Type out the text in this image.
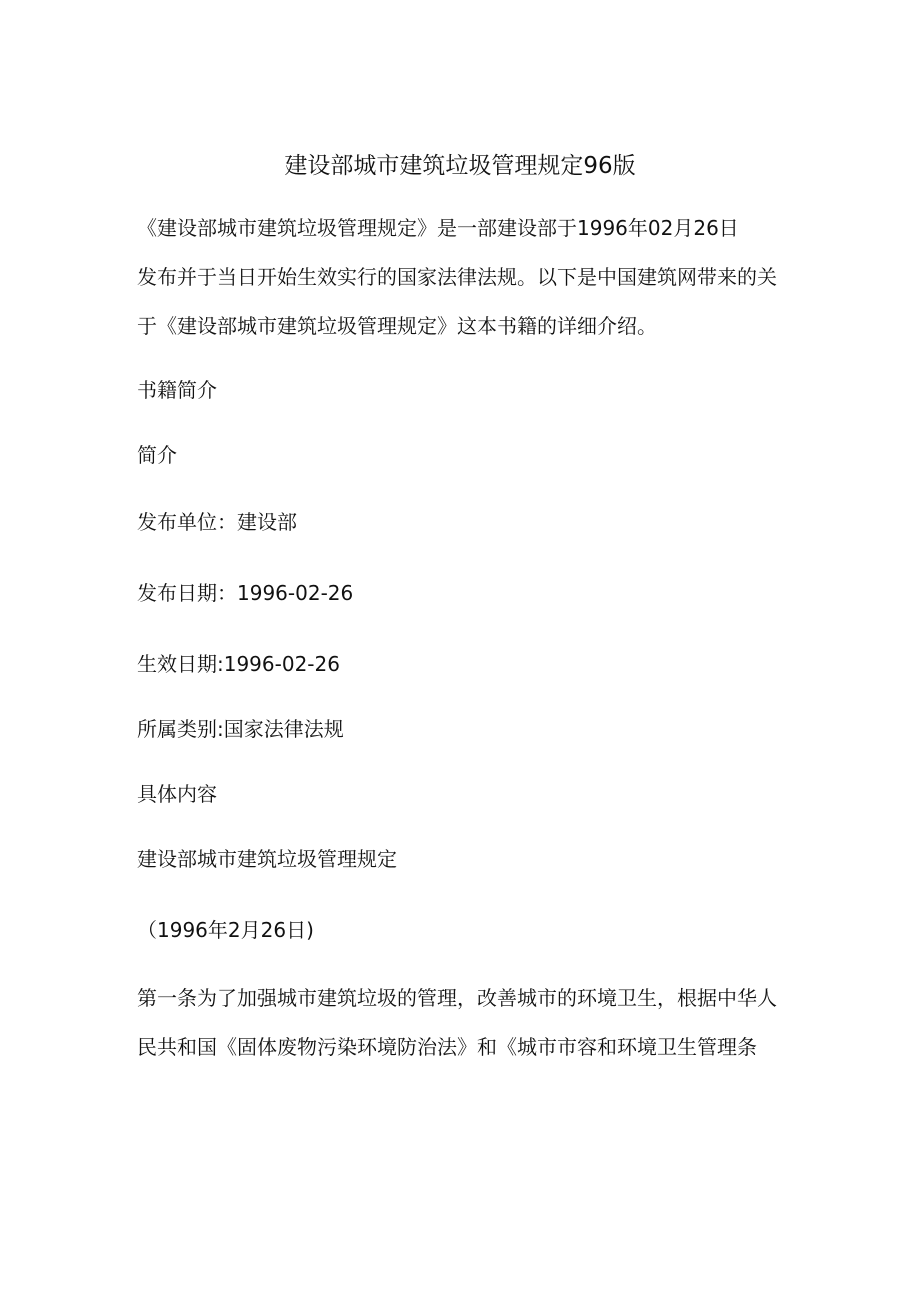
建设部城市建筑垃圾管理规定96版
《建设部城市建筑垃圾管理规定》是一部建设部于1996年02月26日
发布并于当日开始生效实行的国家法律法规。以下是中国建筑网带来的关
于《建设部城市建筑垃圾管理规定》这本书籍的详细介绍。
书籍简介
简介
发布单位：建设部
发布日期：1996-02-26
生效日期:1996-02-26
所属类别:国家法律法规
具体内容
建设部城市建筑垃圾管理规定
（1996年2月26日)
第一条为了加强城市建筑垃圾的管理，改善城市的环境卫生，根据中华人
民共和国《固体废物污染环境防治法》和《城市市容和环境卫生管理条
